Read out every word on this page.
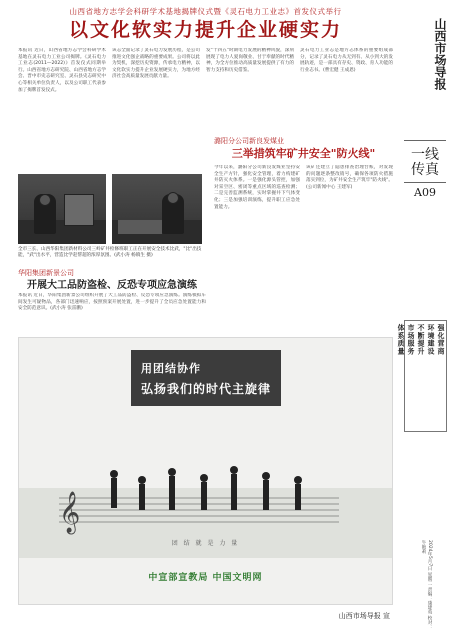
山西省地方志学会科研学术基地揭牌仪式暨《灵石电力工业志》首发仪式举行
以文化软实力提升企业硬实力
本报讯 近日，山西省地方志学会科研学术基地在灵石电力工业公司揭牌。《灵石电力工业志(2011—2022)》首发仪式同期举行。山西省地方志研究院、山西省地方志学会、晋中市史志研究室、灵石县史志研究中心等相关单位负责人，以及公司职工代表参加了揭牌首发仪式。
该志全面记录了灵石电力发展历程，是公司推进文化强企战略的重要成果。公司将以此为契机，深挖历史资源，传承电力精神，以文化软实力提升企业发展硬实力，为地方经济社会高质量发展贡献力量。
发"十四五"时期电力发展的精神风貌，深刻展现了电力人爱岗敬业、甘于奉献的时代精神，为全方位推动高质量发展提供了有力的智力支持和历史借鉴。
灵石电力工业志是地方志体系的重要组成部分，记录了灵石电力从无到有、从小到大的发展轨迹，是一部具有存史、资政、育人功能的行业志书。(曹宏健 王成恩)
全市三长、山西华阳集团新材料公司三岭矿井检修班职工正在开展安全技术比武，"比"出技能，"武"出水平，营造比学赶帮超的浓厚氛围。(武小涛 杨镇生 摄)
华阳集团新景公司
开展大工品防盗检、反恐专项应急演练
本报讯 近日，华阳集团新景公司组织开展了大工品防盗检、反恐专项应急演练。演练模拟车间发生可疑物品，各部门迅速响应，按照预案开展处置，进一步提升了全员应急处置能力和安全防范意识。(武小涛 张雷鹏)
潞阳分公司新良发煤业
三举措筑牢矿井安全"防火线"
今年以来，潞阳分公司新良发煤业坚持安全生产方针，强化安全管理，着力构建矿井防灭火体系。一是强化源头管控，加强对采空区、密闭等重点区域的巡查检测；二是完善监测系统，实时掌握井下气体变化；三是加强培训演练，提升职工应急处置能力。
该矿还建立了隐患排查治理台账，对发现的问题逐条整改销号，确保各项防火措施落实到位，为矿井安全生产筑牢"防火线"。(公司新闻中心 王建军)
𝄞
用团结协作
弘扬我们的时代主旋律
团 结 就 是 力 量
中宣部宣教局 中国文明网
山西市场导报 宣
山西市场导报
一线传真
A09
强化营商
环境建设
不断提升
市场服务
体系质量
2024年5月7日 星期二 责编：康建英 校对：牛艳莉
